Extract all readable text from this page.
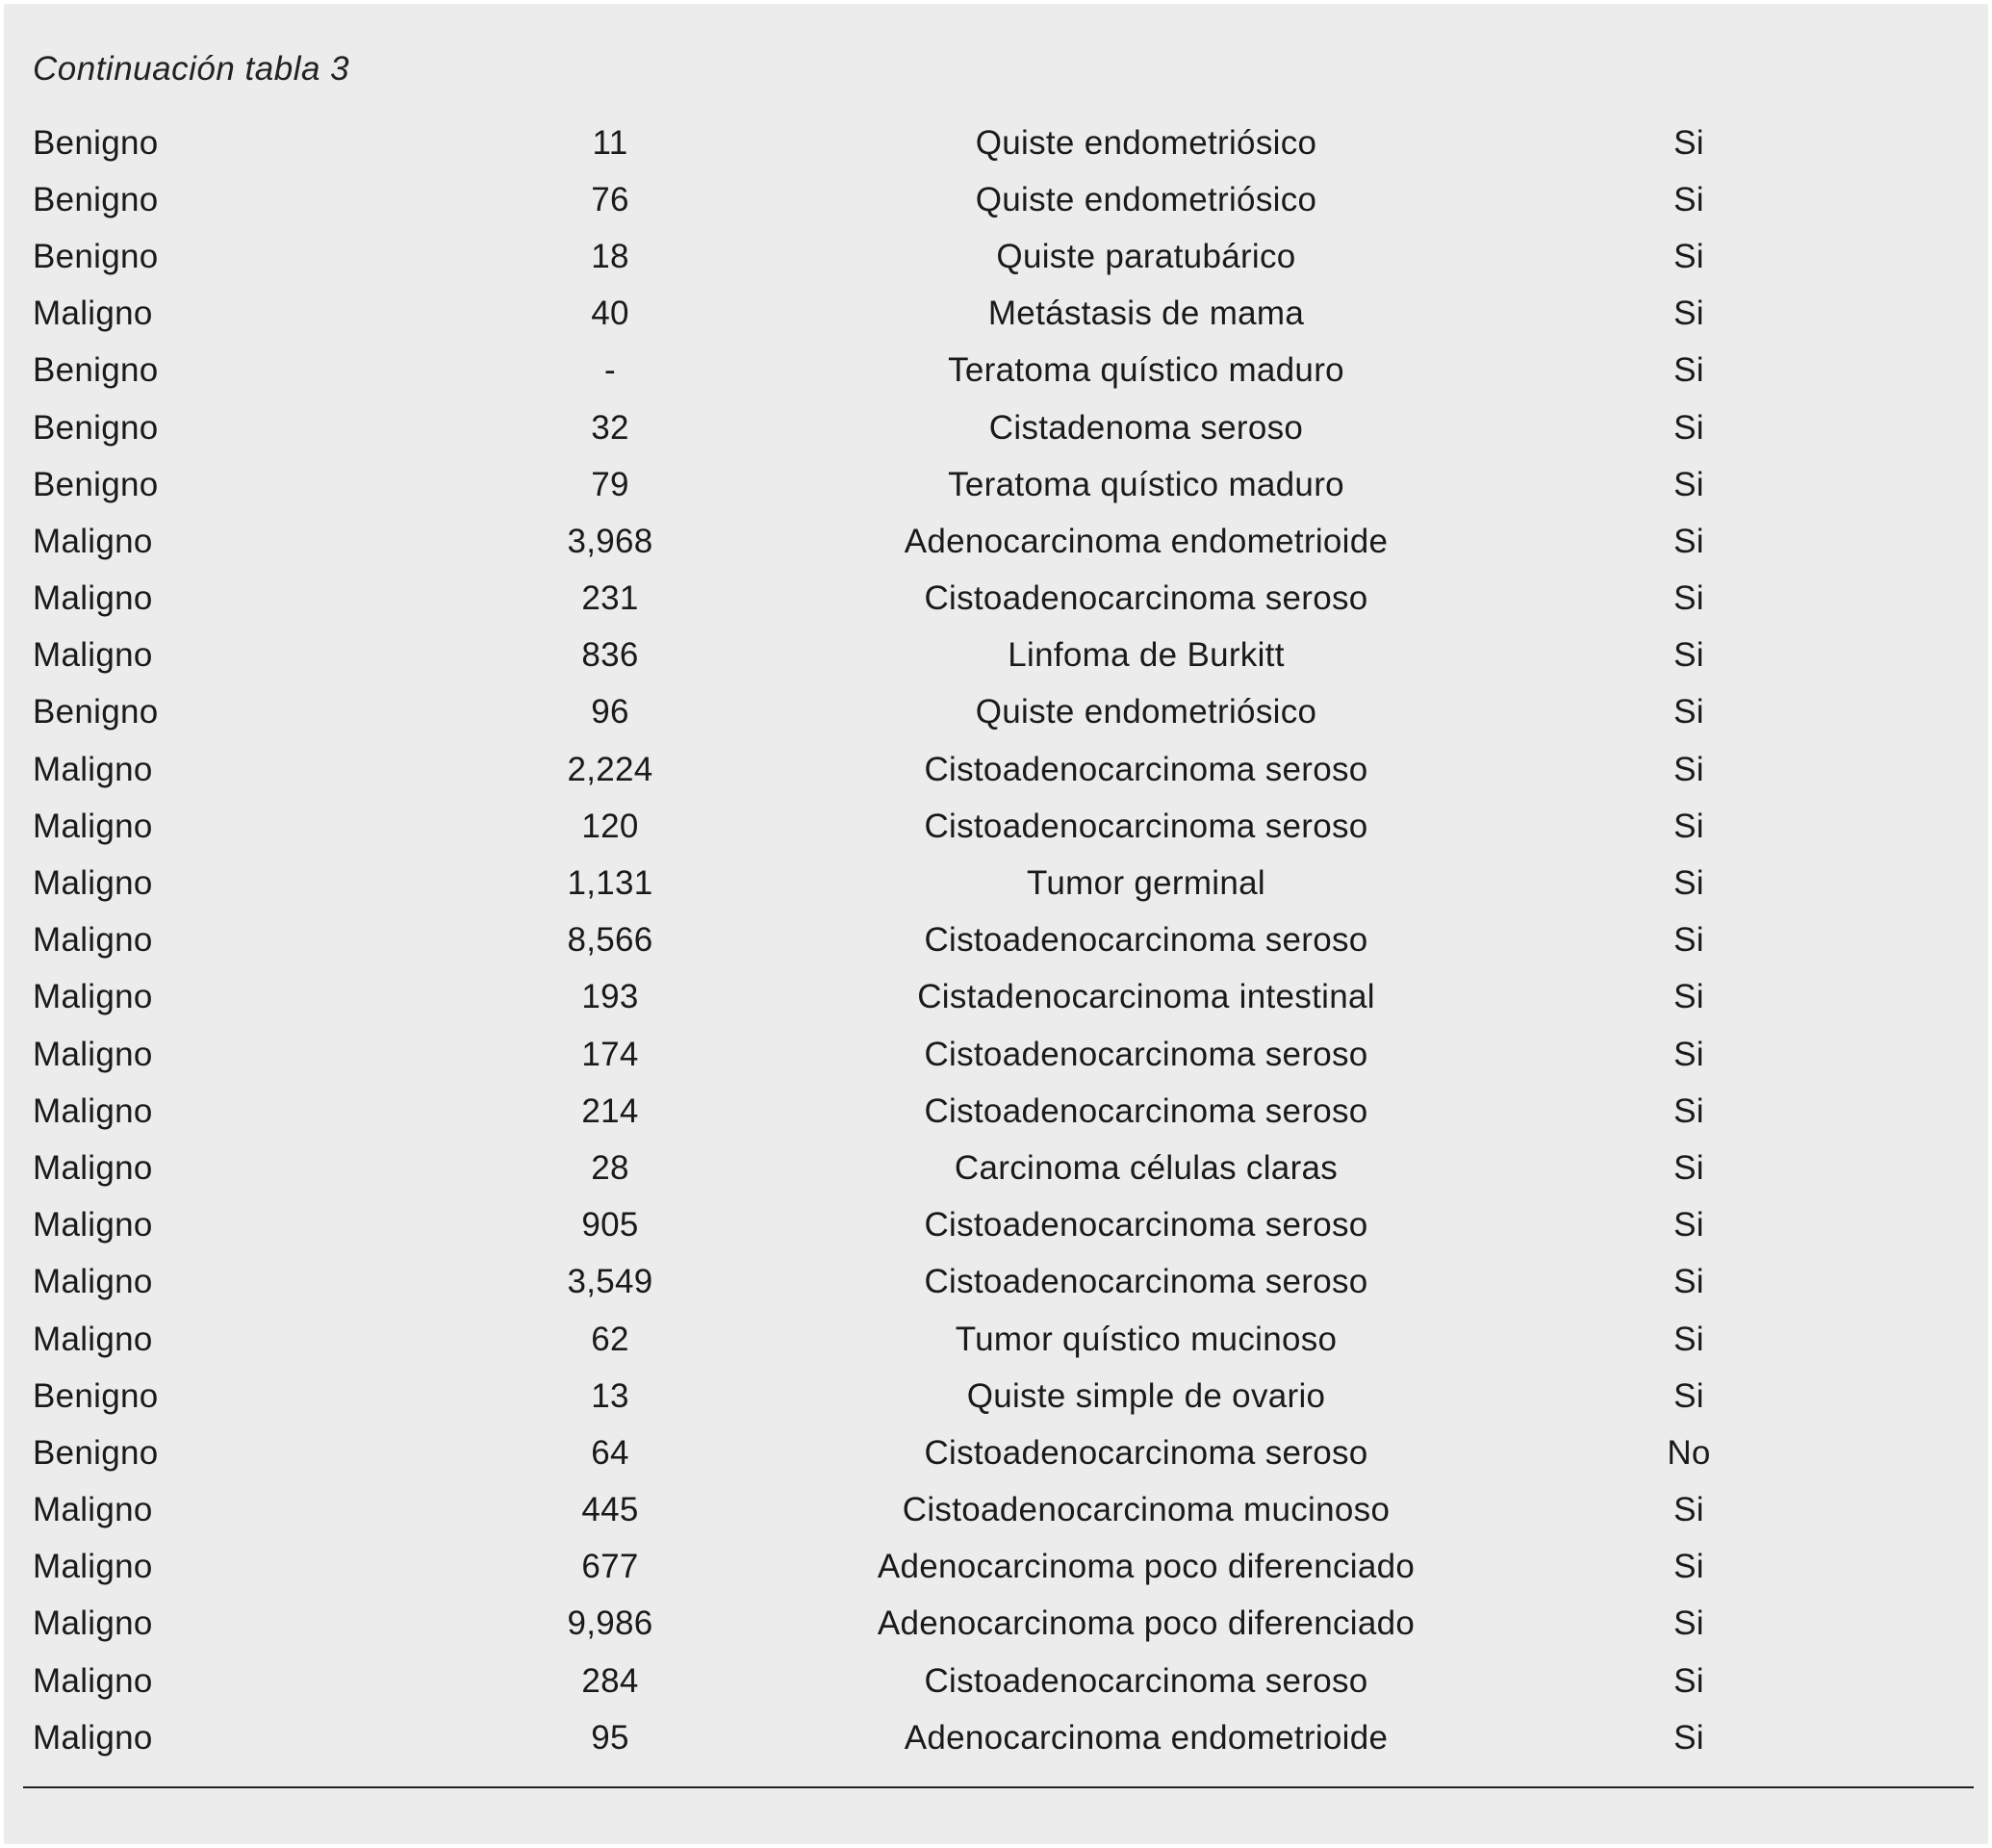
Continuación tabla 3
Benigno	11	Quiste endometriósico	Si
Benigno	76	Quiste endometriósico	Si
Benigno	18	Quiste paratubárico	Si
Maligno	40	Metástasis de mama	Si
Benigno	-	Teratoma quístico maduro	Si
Benigno	32	Cistadenoma seroso	Si
Benigno	79	Teratoma quístico maduro	Si
Maligno	3,968	Adenocarcinoma endometrioide	Si
Maligno	231	Cistoadenocarcinoma seroso	Si
Maligno	836	Linfoma de Burkitt	Si
Benigno	96	Quiste endometriósico	Si
Maligno	2,224	Cistoadenocarcinoma seroso	Si
Maligno	120	Cistoadenocarcinoma seroso	Si
Maligno	1,131	Tumor germinal	Si
Maligno	8,566	Cistoadenocarcinoma seroso	Si
Maligno	193	Cistadenocarcinoma intestinal	Si
Maligno	174	Cistoadenocarcinoma seroso	Si
Maligno	214	Cistoadenocarcinoma seroso	Si
Maligno	28	Carcinoma células claras	Si
Maligno	905	Cistoadenocarcinoma seroso	Si
Maligno	3,549	Cistoadenocarcinoma seroso	Si
Maligno	62	Tumor quístico mucinoso	Si
Benigno	13	Quiste simple de ovario	Si
Benigno	64	Cistoadenocarcinoma seroso	No
Maligno	445	Cistoadenocarcinoma mucinoso	Si
Maligno	677	Adenocarcinoma poco diferenciado	Si
Maligno	9,986	Adenocarcinoma poco diferenciado	Si
Maligno	284	Cistoadenocarcinoma seroso	Si
Maligno	95	Adenocarcinoma endometrioide	Si
